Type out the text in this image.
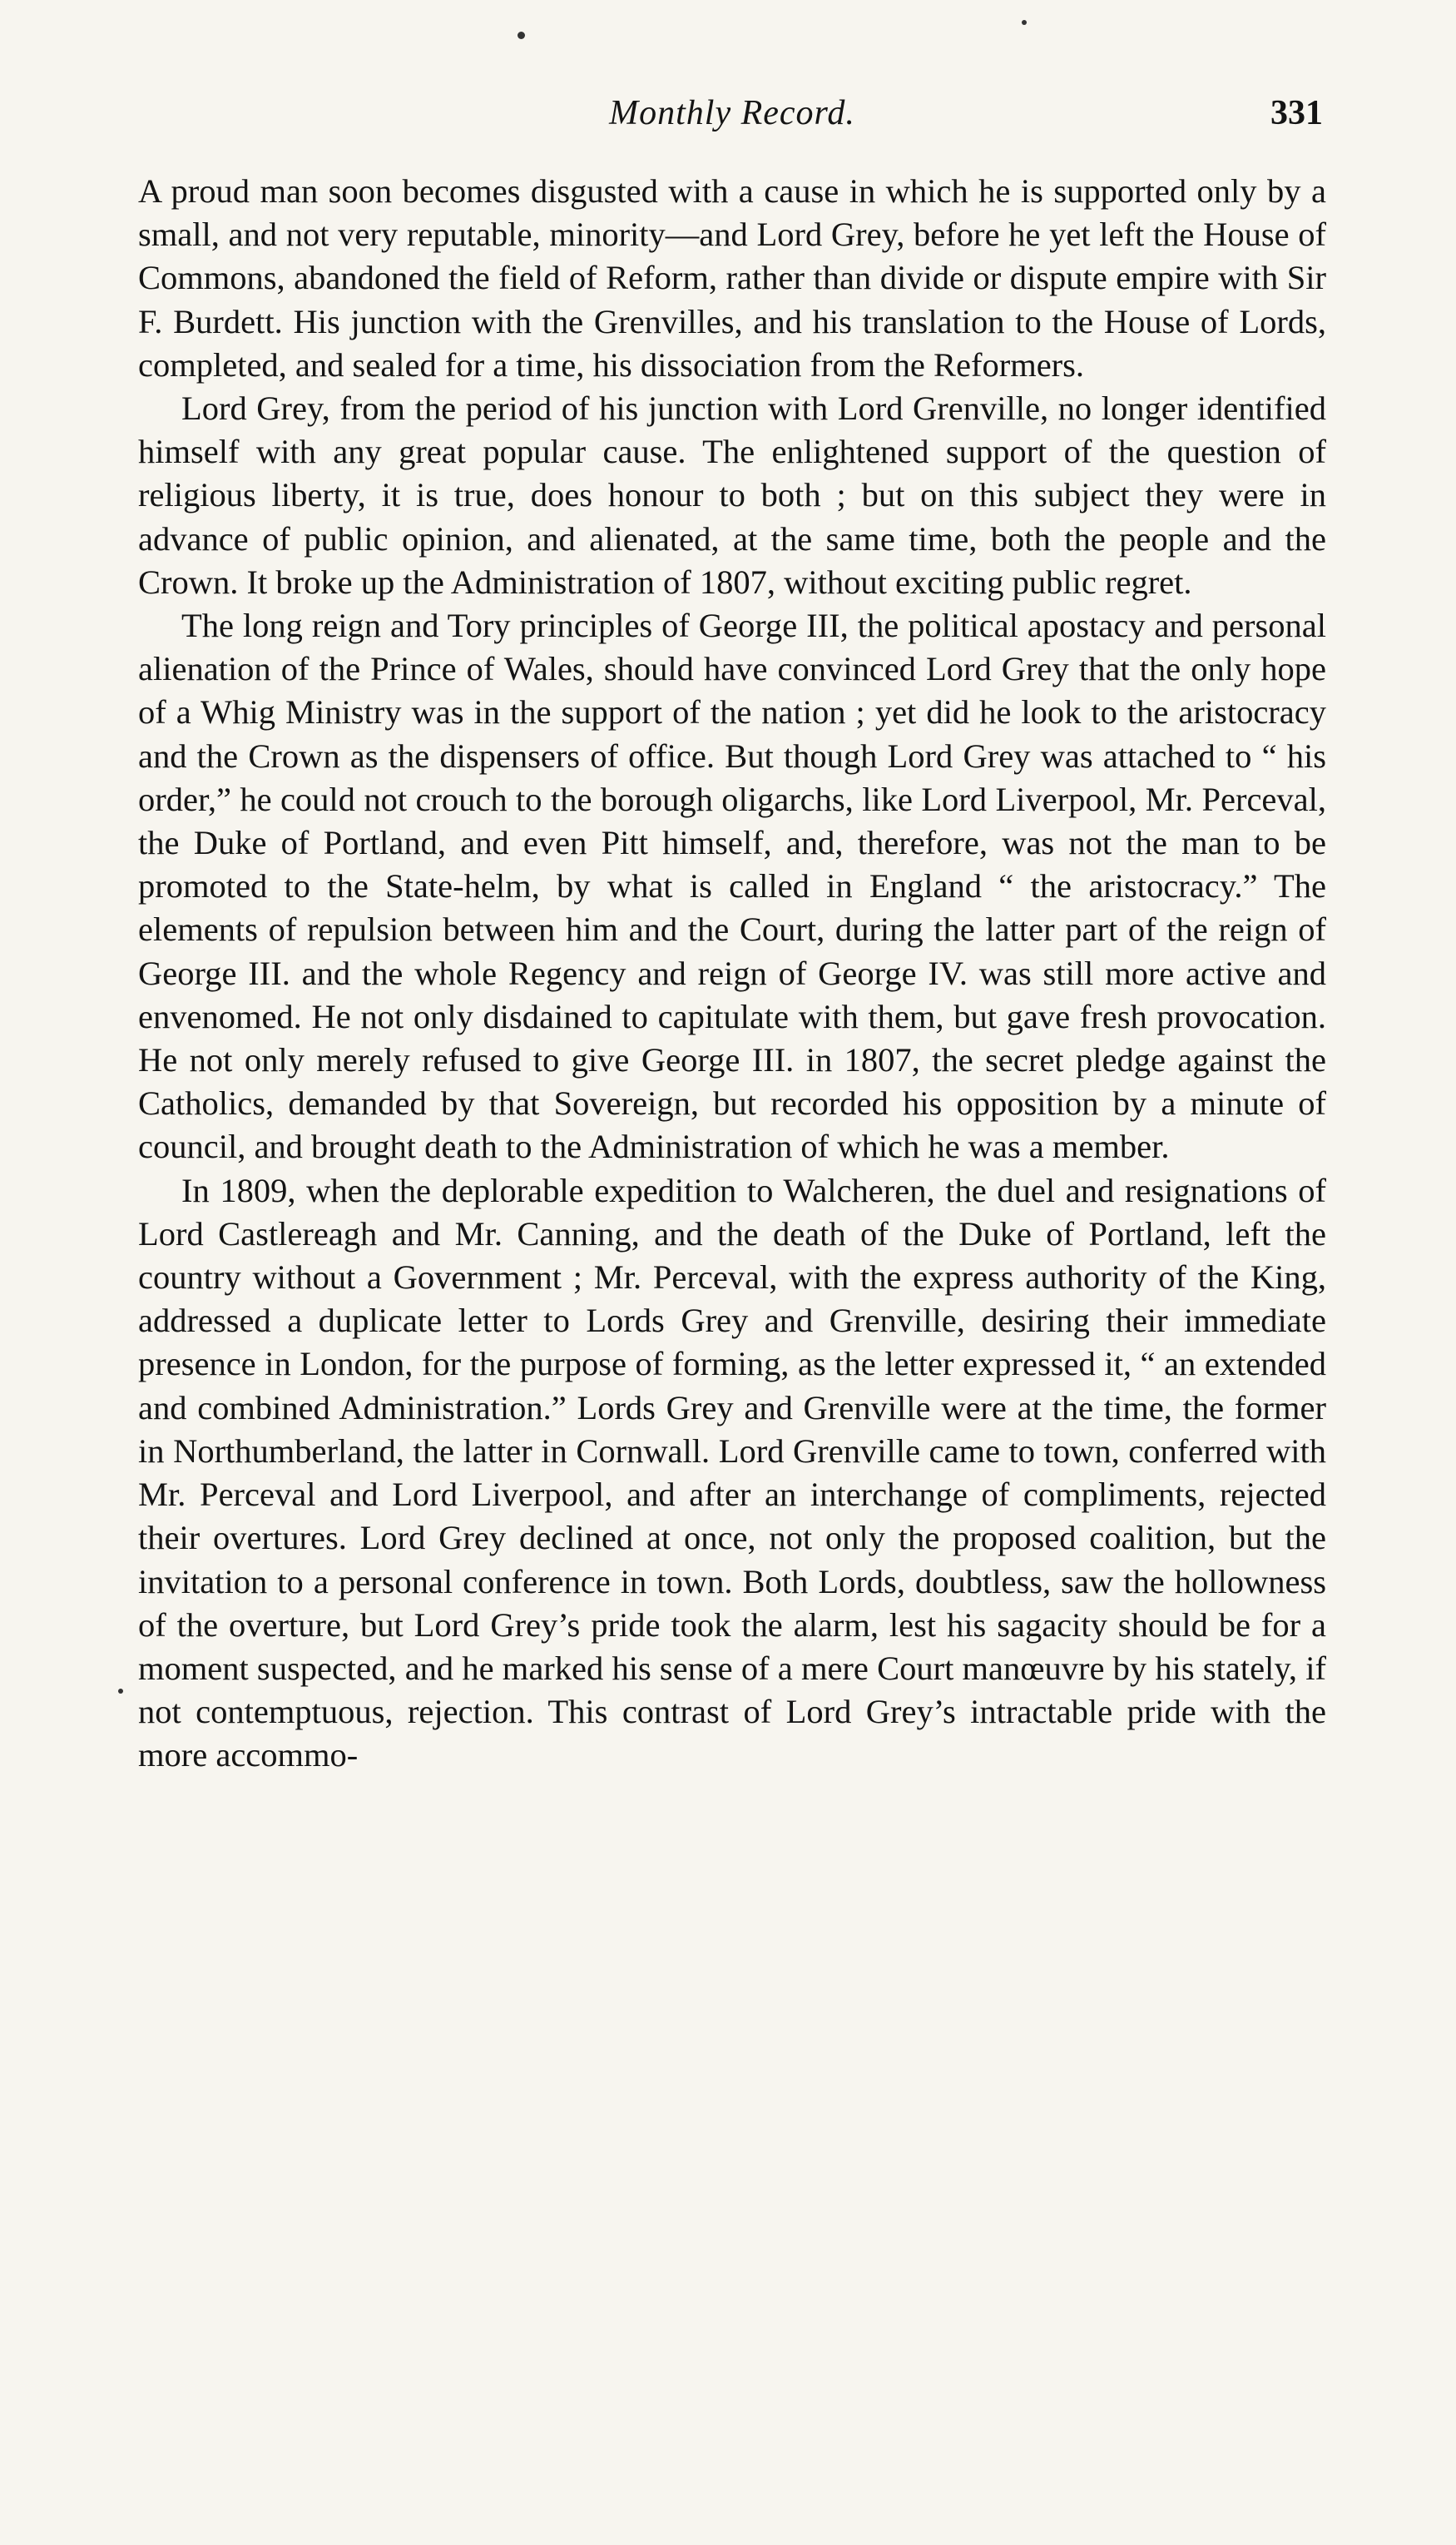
Monthly Record.	331

A proud man soon becomes disgusted with a cause in which he is supported only by a small, and not very reputable, minority—and Lord Grey, before he yet left the House of Commons, abandoned the field of Reform, rather than divide or dispute empire with Sir F. Burdett. His junction with the Grenvilles, and his translation to the House of Lords, completed, and sealed for a time, his dissociation from the Reformers.

Lord Grey, from the period of his junction with Lord Grenville, no longer identified himself with any great popular cause. The enlightened support of the question of religious liberty, it is true, does honour to both ; but on this subject they were in advance of public opinion, and alienated, at the same time, both the people and the Crown. It broke up the Administration of 1807, without exciting public regret.

The long reign and Tory principles of George III, the political apostacy and personal alienation of the Prince of Wales, should have convinced Lord Grey that the only hope of a Whig Ministry was in the support of the nation ; yet did he look to the aristocracy and the Crown as the dispensers of office. But though Lord Grey was attached to “ his order,” he could not crouch to the borough oligarchs, like Lord Liverpool, Mr. Perceval, the Duke of Portland, and even Pitt himself, and, therefore, was not the man to be promoted to the State-helm, by what is called in England “ the aristocracy.” The elements of repulsion between him and the Court, during the latter part of the reign of George III. and the whole Regency and reign of George IV. was still more active and envenomed. He not only disdained to capitulate with them, but gave fresh provocation. He not only merely refused to give George III. in 1807, the secret pledge against the Catholics, demanded by that Sovereign, but recorded his opposition by a minute of council, and brought death to the Administration of which he was a member.

In 1809, when the deplorable expedition to Walcheren, the duel and resignations of Lord Castlereagh and Mr. Canning, and the death of the Duke of Portland, left the country without a Government ; Mr. Perceval, with the express authority of the King, addressed a duplicate letter to Lords Grey and Grenville, desiring their immediate presence in London, for the purpose of forming, as the letter expressed it, “ an extended and combined Administration.” Lords Grey and Grenville were at the time, the former in Northumberland, the latter in Cornwall. Lord Grenville came to town, conferred with Mr. Perceval and Lord Liverpool, and after an interchange of compliments, rejected their overtures. Lord Grey declined at once, not only the proposed coalition, but the invitation to a personal conference in town. Both Lords, doubtless, saw the hollowness of the overture, but Lord Grey’s pride took the alarm, lest his sagacity should be for a moment suspected, and he marked his sense of a mere Court manœuvre by his stately, if not contemptuous, rejection. This contrast of Lord Grey’s intractable pride with the more accommo-
